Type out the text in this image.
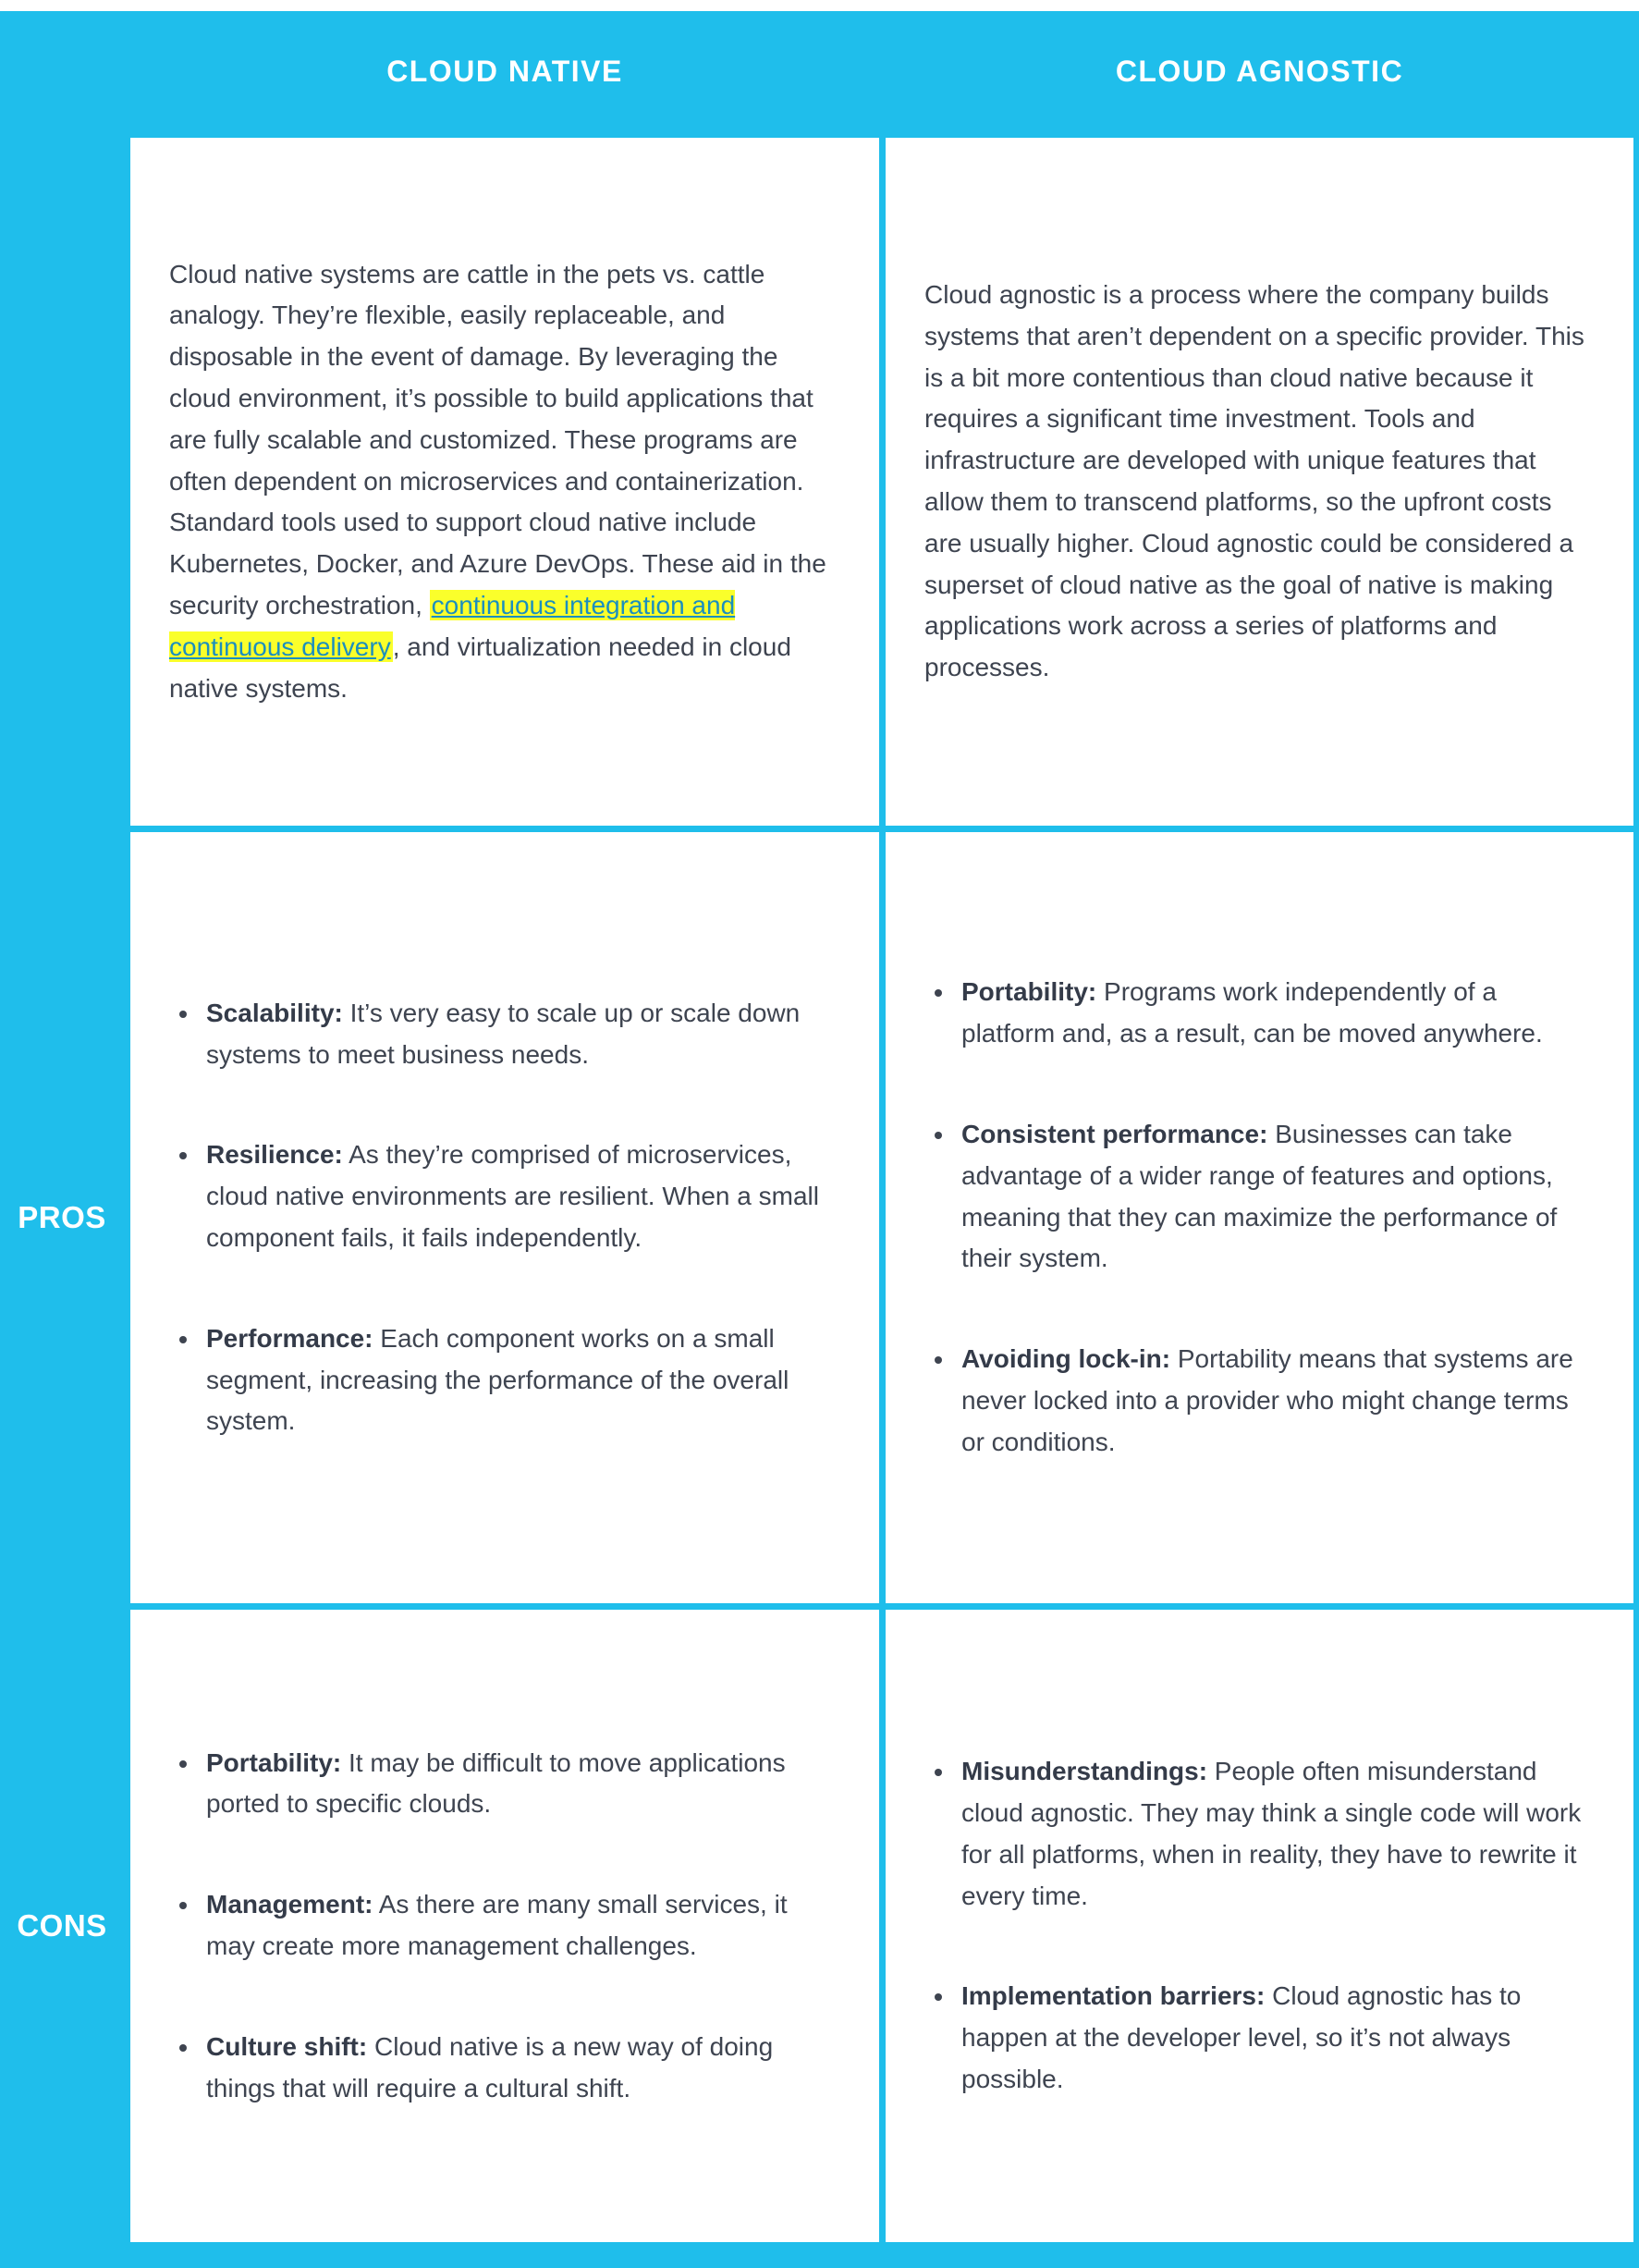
CLOUD NATIVE	CLOUD AGNOSTIC

Cloud native systems are cattle in the pets vs. cattle analogy. They’re flexible, easily replaceable, and disposable in the event of damage. By leveraging the cloud environment, it’s possible to build applications that are fully scalable and customized. These programs are often dependent on microservices and containerization. Standard tools used to support cloud native include Kubernetes, Docker, and Azure DevOps. These aid in the security orchestration, continuous integration and continuous delivery, and virtualization needed in cloud native systems.

Cloud agnostic is a process where the company builds systems that aren’t dependent on a specific provider. This is a bit more contentious than cloud native because it requires a significant time investment. Tools and infrastructure are developed with unique features that allow them to transcend platforms, so the upfront costs are usually higher. Cloud agnostic could be considered a superset of cloud native as the goal of native is making applications work across a series of platforms and processes.

PROS
• Scalability: It’s very easy to scale up or scale down systems to meet business needs.
• Resilience: As they’re comprised of microservices, cloud native environments are resilient. When a small component fails, it fails independently.
• Performance: Each component works on a small segment, increasing the performance of the overall system.
• Portability: Programs work independently of a platform and, as a result, can be moved anywhere.
• Consistent performance: Businesses can take advantage of a wider range of features and options, meaning that they can maximize the performance of their system.
• Avoiding lock-in: Portability means that systems are never locked into a provider who might change terms or conditions.
CONS
• Portability: It may be difficult to move applications ported to specific clouds.
• Management: As there are many small services, it may create more management challenges.
• Culture shift: Cloud native is a new way of doing things that will require a cultural shift.
• Misunderstandings: People often misunderstand cloud agnostic. They may think a single code will work for all platforms, when in reality, they have to rewrite it every time.
• Implementation barriers: Cloud agnostic has to happen at the developer level, so it’s not always possible.
